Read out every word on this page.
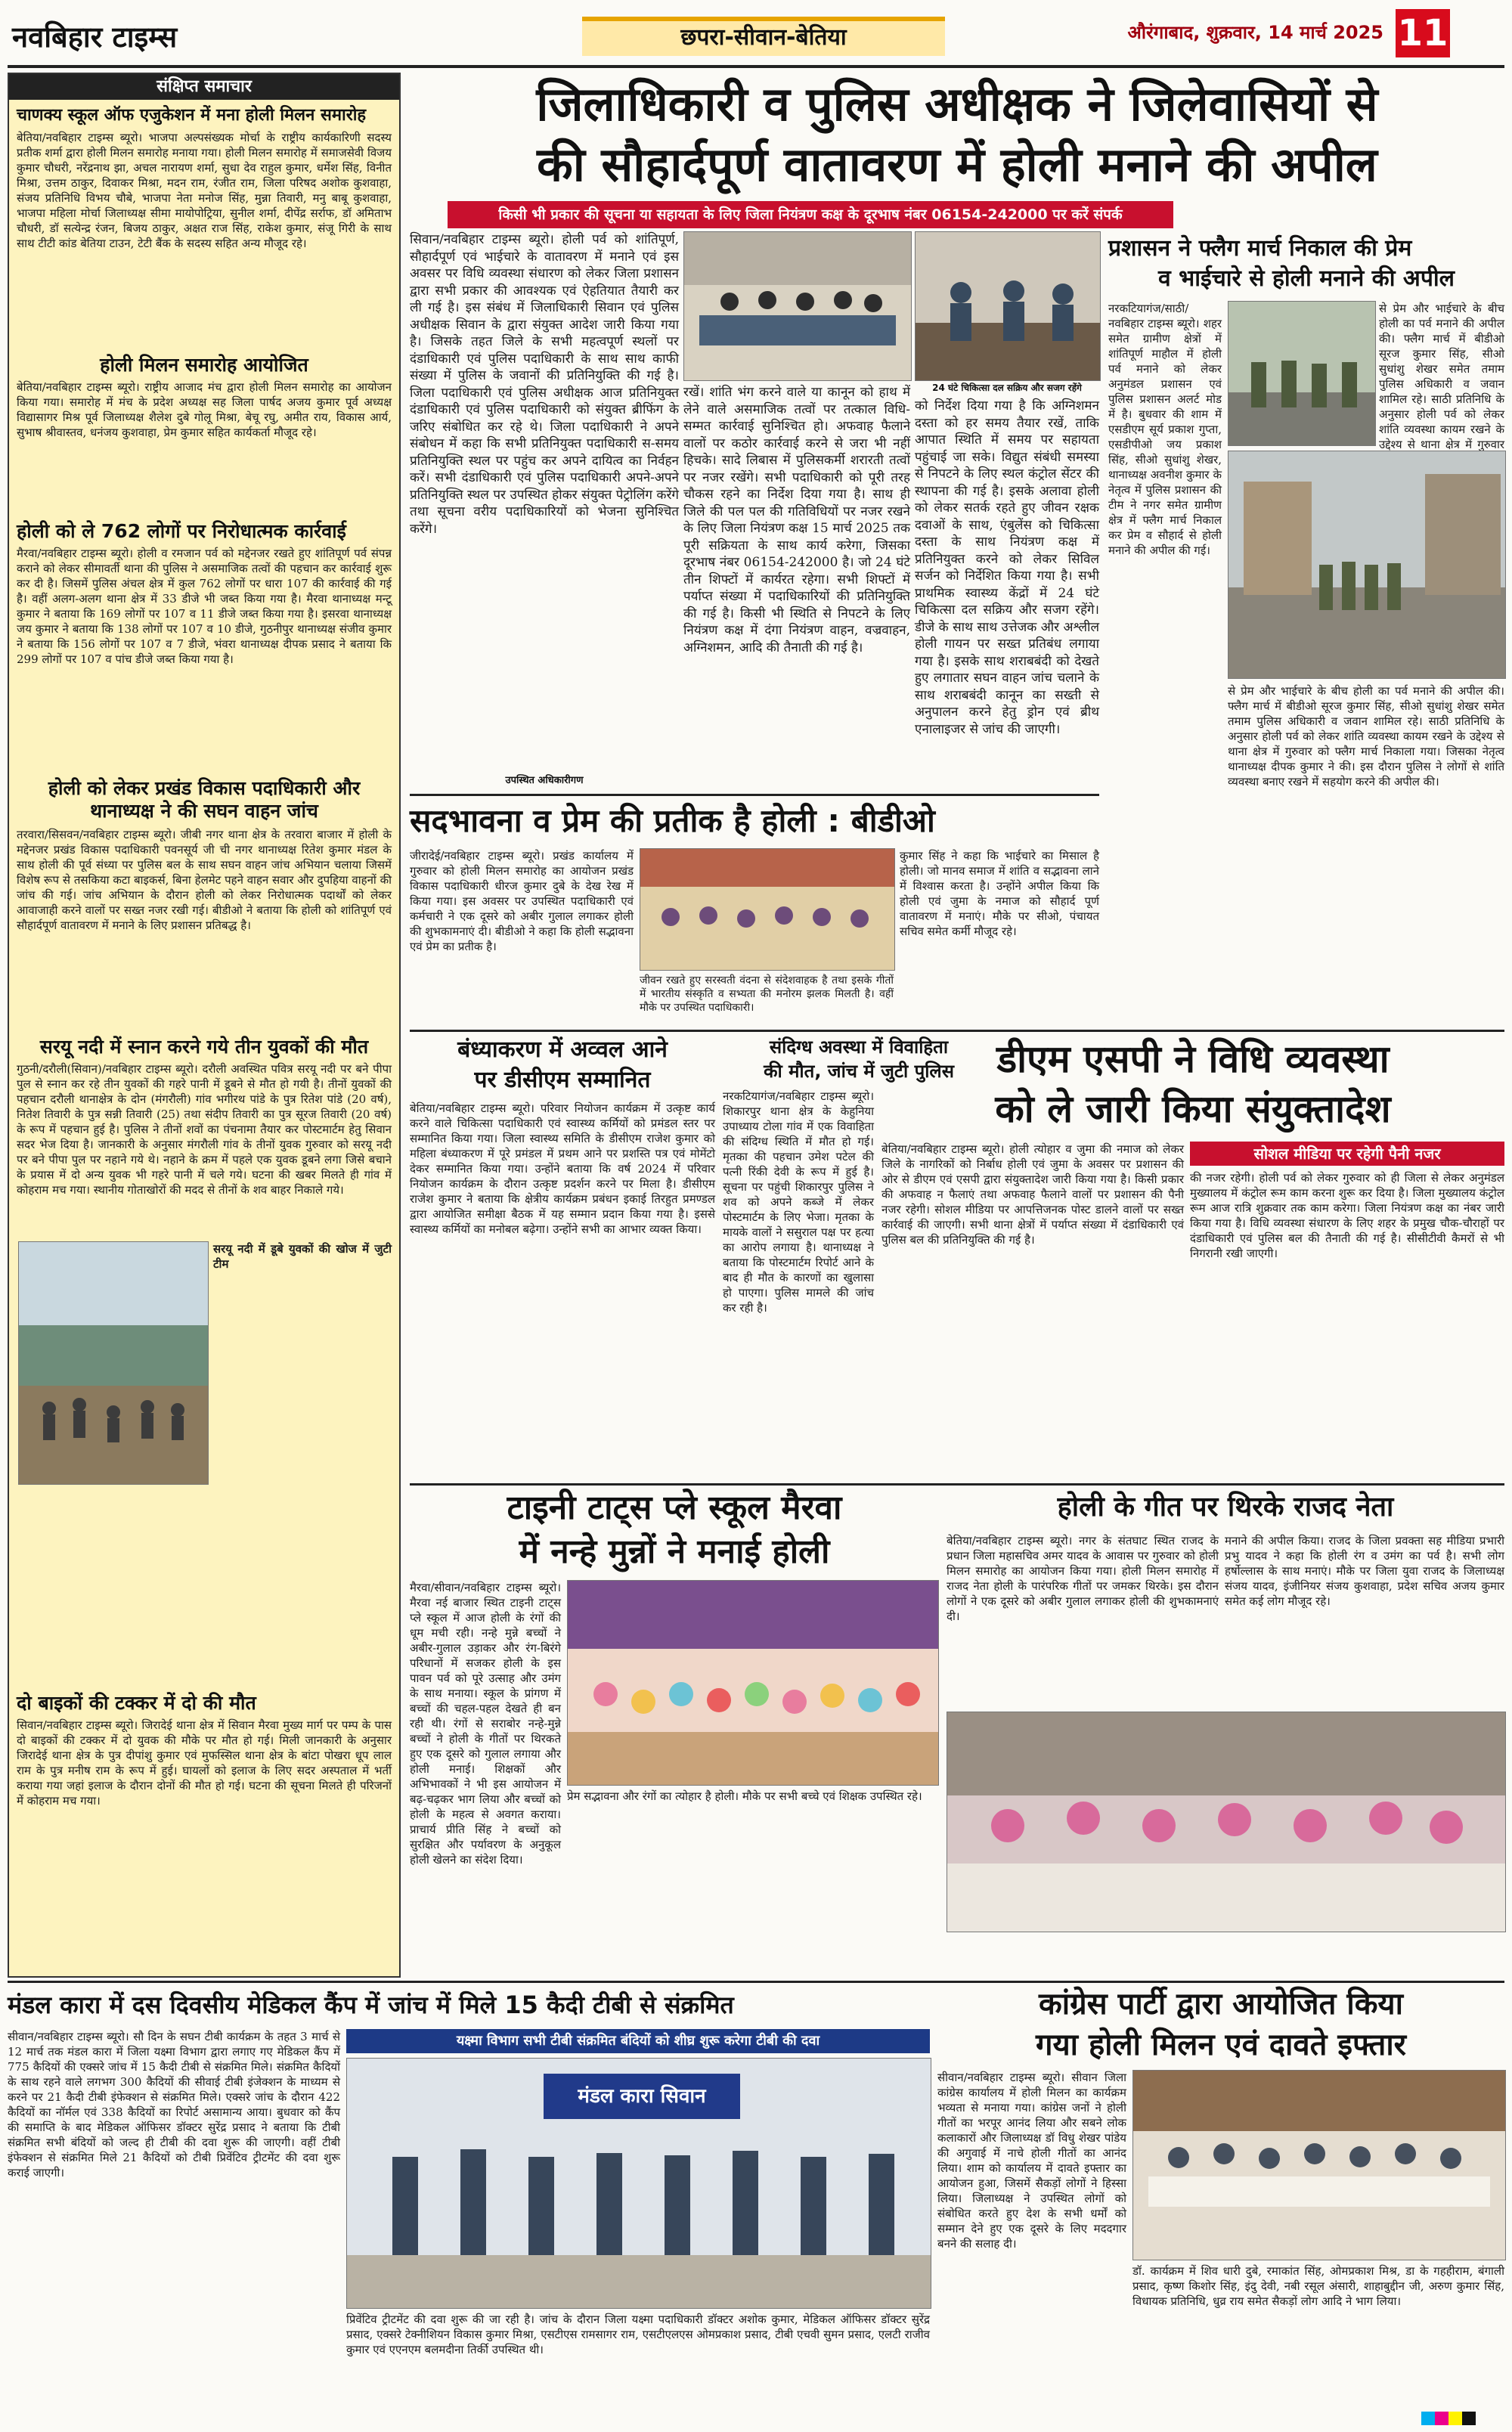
नवबिहार टाइम्स	छपरा-सीवान-बेतिया	औरंगाबाद, शुक्रवार, 14 मार्च 2025 11
संक्षिप्त समाचार
चाणक्य स्कूल ऑफ एजुकेशन में मना होली मिलन समारोह
बेतिया/नवबिहार टाइम्स ब्यूरो। भाजपा अल्पसंख्यक मोर्चा के राष्ट्रीय कार्यकारिणी सदस्य प्रतीक शर्मा द्वारा होली मिलन समारोह मनाया गया। होली मिलन समारोह में समाजसेवी विजय कुमार चौधरी, नरेंद्रनाथ झा, अचल नारायण शर्मा, सुधा देव राहुल कुमार, धर्मेश सिंह, विनीत मिश्रा, उत्तम ठाकुर, दिवाकर मिश्रा, मदन राम, रंजीत राम, जिला परिषद अशोक कुशवाहा, संजय प्रतिनिधि विभय चौबे, भाजपा नेता मनोज सिंह, मुन्ना तिवारी, मनु बाबू कुशवाहा, भाजपा महिला मोर्चा जिलाध्यक्ष सीमा मायोपोट्रिया, सुनील शर्मा, दीपेंद्र सर्राफ, डॉ अमिताभ चौधरी, डॉ सत्येन्द्र रंजन, बिजय ठाकुर, अक्षत राज सिंह, राकेश कुमार, संजू गिरी के साथ साथ टीटी कांड बेतिया टाउन, टेटी बैंक के सदस्य सहित अन्य मौजूद रहे।
होली मिलन समारोह आयोजित
बेतिया/नवबिहार टाइम्स ब्यूरो। राष्ट्रीय आजाद मंच द्वारा होली मिलन समारोह का आयोजन किया गया। समारोह में मंच के प्रदेश अध्यक्ष सह जिला पार्षद अजय कुमार पूर्व अध्यक्ष विद्यासागर मिश्र पूर्व जिलाध्यक्ष शैलेश दुबे गोलू मिश्रा, बेचू रघु, अमीत राय, विकास आर्य, सुभाष श्रीवास्तव, धनंजय कुशवाहा, प्रेम कुमार सहित कार्यकर्ता मौजूद रहे।
होली को ले 762 लोगों पर निरोधात्मक कार्रवाई
मैरवा/नवबिहार टाइम्स ब्यूरो। होली व रमजान पर्व को मद्देनजर रखते हुए शांतिपूर्ण पर्व संपन्न कराने को लेकर सीमावर्ती थाना की पुलिस ने असमाजिक तत्वों की पहचान कर कार्रवाई शुरू कर दी है। जिसमें पुलिस अंचल क्षेत्र में कुल 762 लोगों पर धारा 107 की कार्रवाई की गई है। वहीं अलग-अलग थाना क्षेत्र में 33 डीजे भी जब्त किया गया है। मैरवा थानाध्यक्ष मन्टू कुमार ने बताया कि 169 लोगों पर 107 व 11 डीजे जब्त किया गया है। इसरवा थानाध्यक्ष जय कुमार ने बताया कि 138 लोगों पर 107 व 10 डीजे, गुठनीपुर थानाध्यक्ष संजीव कुमार ने बताया कि 156 लोगों पर 107 व 7 डीजे, भंवरा थानाध्यक्ष दीपक प्रसाद ने बताया कि 299 लोगों पर 107 व पांच डीजे जब्त किया गया है।
होली को लेकर प्रखंड विकास पदाधिकारी और थानाध्यक्ष ने की सघन वाहन जांच
तरवारा/सिसवन/नवबिहार टाइम्स ब्यूरो। जीबी नगर थाना क्षेत्र के तरवारा बाजार में होली के मद्देनजर प्रखंड विकास पदाधिकारी पवनसूर्य जी ची नगर थानाध्यक्ष रितेश कुमार मंडल के साथ होली की पूर्व संध्या पर पुलिस बल के साथ सघन वाहन जांच अभियान चलाया जिसमें विशेष रूप से तसकिया कटा बाइकर्स, बिना हेलमेट पहने वाहन सवार और दुपहिया वाहनों की जांच की गई। जांच अभियान के दौरान होली को लेकर निरोधात्मक पदार्थों को लेकर आवाजाही करने वालों पर सख्त नजर रखी गई। बीडीओ ने बताया कि होली को शांतिपूर्ण एवं सौहार्दपूर्ण वातावरण में मनाने के लिए प्रशासन प्रतिबद्ध है।
सरयू नदी में स्नान करने गये तीन युवकों की मौत
गुठनी/दरौली(सिवान)/नवबिहार टाइम्स ब्यूरो। दरौली अवस्थित पवित्र सरयू नदी पर बने पीपा पुल से स्नान कर रहे तीन युवकों की गहरे पानी में डूबने से मौत हो गयी है। तीनों युवकों की पहचान दरौली थानाक्षेत्र के दोन (मंगरौली) गांव भगीरथ पांडे के पुत्र रितेश पांडे (20 वर्ष), नितेश तिवारी के पुत्र सन्नी तिवारी (25) तथा संदीप तिवारी का पुत्र सूरज तिवारी (20 वर्ष) के रूप में पहचान हुई है। पुलिस ने तीनों शवों का पंचनामा तैयार कर पोस्टमार्टम हेतु सिवान सदर भेज दिया है। जानकारी के अनुसार मंगरौली गांव के तीनों युवक गुरुवार को सरयू नदी पर बने पीपा पुल पर नहाने गये थे। नहाने के क्रम में पहले एक युवक डूबने लगा जिसे बचाने के प्रयास में दो अन्य युवक भी गहरे पानी में चले गये। घटना की खबर मिलते ही गांव में कोहराम मच गया। स्थानीय गोताखोरों की मदद से तीनों के शव बाहर निकाले गये।
सरयू नदी में डूबे युवकों की खोज में जुटी टीम
दो बाइकों की टक्कर में दो की मौत
सिवान/नवबिहार टाइम्स ब्यूरो। जिरादेई थाना क्षेत्र में सिवान मैरवा मुख्य मार्ग पर पम्प के पास दो बाइकों की टक्कर में दो युवक की मौके पर मौत हो गई। मिली जानकारी के अनुसार जिरादेई थाना क्षेत्र के पुत्र दीपांशु कुमार एवं मुफस्सिल थाना क्षेत्र के बांटा पोखरा धूप लाल राम के पुत्र मनीष राम के रूप में हुई। घायलों को इलाज के लिए सदर अस्पताल में भर्ती कराया गया जहां इलाज के दौरान दोनों की मौत हो गई। घटना की सूचना मिलते ही परिजनों में कोहराम मच गया।
जिलाधिकारी व पुलिस अधीक्षक ने जिलेवासियों से
की सौहार्दपूर्ण वातावरण में होली मनाने की अपील
किसी भी प्रकार की सूचना या सहायता के लिए जिला नियंत्रण कक्ष के दूरभाष नंबर 06154-242000 पर करें संपर्क
24 घंटे चिकित्सा दल सक्रिय और सजग रहेंगे
सिवान/नवबिहार टाइम्स ब्यूरो। होली पर्व को शांतिपूर्ण, सौहार्दपूर्ण एवं भाईचारे के वातावरण में मनाने एवं इस अवसर पर विधि व्यवस्था संधारण को लेकर जिला प्रशासन द्वारा सभी प्रकार की आवश्यक एवं ऐहतियात तैयारी कर ली गई है। इस संबंध में जिलाधिकारी सिवान एवं पुलिस अधीक्षक सिवान के द्वारा संयुक्त आदेश जारी किया गया है। जिसके तहत जिले के सभी महत्वपूर्ण स्थलों पर दंडाधिकारी एवं पुलिस पदाधिकारी के साथ साथ काफी संख्या में पुलिस के जवानों की प्रतिनियुक्ति की गई है। जिला पदाधिकारी एवं पुलिस अधीक्षक आज प्रतिनियुक्त दंडाधिकारी एवं पुलिस पदाधिकारी को संयुक्त ब्रीफिंग के जरिए संबोधित कर रहे थे। जिला पदाधिकारी ने अपने संबोधन में कहा कि सभी प्रतिनियुक्त पदाधिकारी स-समय प्रतिनियुक्ति स्थल पर पहुंच कर अपने दायित्व का निर्वहन करें। सभी दंडाधिकारी एवं पुलिस पदाधिकारी अपने-अपने प्रतिनियुक्ति स्थल पर उपस्थित होकर संयुक्त पेट्रोलिंग करेंगे तथा सूचना वरीय पदाधिकारियों को भेजना सुनिश्चित करेंगे।
रखें। शांति भंग करने वाले या कानून को हाथ में लेने वाले असमाजिक तत्वों पर तत्काल विधि-सम्मत कार्रवाई सुनिश्चित हो। अफवाह फैलाने वालों पर कठोर कार्रवाई करने से जरा भी नहीं हिचके। सादे लिबास में पुलिसकर्मी शरारती तत्वों पर नजर रखेंगे। सभी पदाधिकारी को पूरी तरह चौकस रहने का निर्देश दिया गया है। साथ ही जिले की पल पल की गतिविधियों पर नजर रखने के लिए जिला नियंत्रण कक्ष 15 मार्च 2025 तक पूरी सक्रियता के साथ कार्य करेगा, जिसका दूरभाष नंबर 06154-242000 है। जो 24 घंटे तीन शिफ्टों में कार्यरत रहेगा। सभी शिफ्टों में पर्याप्त संख्या में पदाधिकारियों की प्रतिनियुक्ति की गई है। किसी भी स्थिति से निपटने के लिए नियंत्रण कक्ष में दंगा नियंत्रण वाहन, वज्रवाहन, अग्निशमन, आदि की तैनाती की गई है।
को निर्देश दिया गया है कि अग्निशमन दस्ता को हर समय तैयार रखें, ताकि आपात स्थिति में समय पर सहायता पहुंचाई जा सके। विद्युत संबंधी समस्या से निपटने के लिए स्थल कंट्रोल सेंटर की स्थापना की गई है। इसके अलावा होली को लेकर सतर्क रहते हुए जीवन रक्षक दवाओं के साथ, एंबुलेंस को चिकित्सा दस्ता के साथ नियंत्रण कक्ष में प्रतिनियुक्त करने को लेकर सिविल सर्जन को निर्देशित किया गया है। सभी प्राथमिक स्वास्थ्य केंद्रों में 24 घंटे चिकित्सा दल सक्रिय और सजग रहेंगे। डीजे के साथ साथ उत्तेजक और अश्लील होली गायन पर सख्त प्रतिबंध लगाया गया है। इसके साथ शराबबंदी को देखते हुए लगातार सघन वाहन जांच चलाने के साथ शराबबंदी कानून का सख्ती से अनुपालन करने हेतु ड्रोन एवं ब्रीथ एनालाइजर से जांच की जाएगी।
उपस्थित अधिकारीगण
प्रशासन ने फ्लैग मार्च निकाल की प्रेम
व भाईचारे से होली मनाने की अपील
नरकटियागंज/साठी/नवबिहार टाइम्स ब्यूरो। शहर समेत ग्रामीण क्षेत्रों में शांतिपूर्ण माहौल में होली पर्व मनाने को लेकर अनुमंडल प्रशासन एवं पुलिस प्रशासन अलर्ट मोड में है। बुधवार की शाम में एसडीएम सूर्य प्रकाश गुप्ता, एसडीपीओ जय प्रकाश सिंह, सीओ सुधांशु शेखर, थानाध्यक्ष अवनीश कुमार के नेतृत्व में पुलिस प्रशासन की टीम ने नगर समेत ग्रामीण क्षेत्र में फ्लैग मार्च निकाल कर प्रेम व सौहार्द से होली मनाने की अपील की गई।
से प्रेम और भाईचारे के बीच होली का पर्व मनाने की अपील की। फ्लैग मार्च में बीडीओ सूरज कुमार सिंह, सीओ सुधांशु शेखर समेत तमाम पुलिस अधिकारी व जवान शामिल रहे। साठी प्रतिनिधि के अनुसार होली पर्व को लेकर शांति व्यवस्था कायम रखने के उद्देश्य से थाना क्षेत्र में गुरुवार
से प्रेम और भाईचारे के बीच होली का पर्व मनाने की अपील की। फ्लैग मार्च में बीडीओ सूरज कुमार सिंह, सीओ सुधांशु शेखर समेत तमाम पुलिस अधिकारी व जवान शामिल रहे। साठी प्रतिनिधि के अनुसार होली पर्व को लेकर शांति व्यवस्था कायम रखने के उद्देश्य से थाना क्षेत्र में गुरुवार को फ्लैग मार्च निकाला गया। जिसका नेतृत्व थानाध्यक्ष दीपक कुमार ने की। इस दौरान पुलिस ने लोगों से शांति व्यवस्था बनाए रखने में सहयोग करने की अपील की।
सदभावना व प्रेम की प्रतीक है होली : बीडीओ
जीरादेई/नवबिहार टाइम्स ब्यूरो। प्रखंड कार्यालय में गुरुवार को होली मिलन समारोह का आयोजन प्रखंड विकास पदाधिकारी धीरज कुमार दुबे के देख रेख में किया गया। इस अवसर पर उपस्थित पदाधिकारी एवं कर्मचारी ने एक दूसरे को अबीर गुलाल लगाकर होली की शुभकामनाएं दी। बीडीओ ने कहा कि होली सद्भावना एवं प्रेम का प्रतीक है।
जीवन रखते हुए सरस्वती वंदना से संदेशवाहक है तथा इसके गीतों में भारतीय संस्कृति व सभ्यता की मनोरम झलक मिलती है। वहीं मौके पर उपस्थित पदाधिकारी।
कुमार सिंह ने कहा कि भाईचारे का मिसाल है होली। जो मानव समाज में शांति व सद्भावना लाने में विश्वास करता है। उन्होंने अपील किया कि होली एवं जुमा के नमाज को सौहार्द पूर्ण वातावरण में मनाएं। मौके पर सीओ, पंचायत सचिव समेत कर्मी मौजूद रहे।
बंध्याकरण में अव्वल आने
पर डीसीएम सम्मानित
बेतिया/नवबिहार टाइम्स ब्यूरो। परिवार नियोजन कार्यक्रम में उत्कृष्ट कार्य करने वाले चिकित्सा पदाधिकारी एवं स्वास्थ्य कर्मियों को प्रमंडल स्तर पर सम्मानित किया गया। जिला स्वास्थ्य समिति के डीसीएम राजेश कुमार को महिला बंध्याकरण में पूरे प्रमंडल में प्रथम आने पर प्रशस्ति पत्र एवं मोमेंटो देकर सम्मानित किया गया। उन्होंने बताया कि वर्ष 2024 में परिवार नियोजन कार्यक्रम के दौरान उत्कृष्ट प्रदर्शन करने पर मिला है। डीसीएम राजेश कुमार ने बताया कि क्षेत्रीय कार्यक्रम प्रबंधन इकाई तिरहुत प्रमण्डल द्वारा आयोजित समीक्षा बैठक में यह सम्मान प्रदान किया गया है। इससे स्वास्थ्य कर्मियों का मनोबल बढ़ेगा। उन्होंने सभी का आभार व्यक्त किया।
संदिग्ध अवस्था में विवाहिता
की मौत, जांच में जुटी पुलिस
नरकटियागंज/नवबिहार टाइम्स ब्यूरो। शिकारपुर थाना क्षेत्र के केहुनिया उपाध्याय टोला गांव में एक विवाहिता की संदिग्ध स्थिति में मौत हो गई। मृतका की पहचान उमेश पटेल की पत्नी रिंकी देवी के रूप में हुई है। सूचना पर पहुंची शिकारपुर पुलिस ने शव को अपने कब्जे में लेकर पोस्टमार्टम के लिए भेजा। मृतका के मायके वालों ने ससुराल पक्ष पर हत्या का आरोप लगाया है। थानाध्यक्ष ने बताया कि पोस्टमार्टम रिपोर्ट आने के बाद ही मौत के कारणों का खुलासा हो पाएगा। पुलिस मामले की जांच कर रही है।
डीएम एसपी ने विधि व्यवस्था
को ले जारी किया संयुक्तादेश
बेतिया/नवबिहार टाइम्स ब्यूरो। होली त्योहार व जुमा की नमाज को लेकर जिले के नागरिकों को निर्बाध होली एवं जुमा के अवसर पर प्रशासन की ओर से डीएम एवं एसपी द्वारा संयुक्तादेश जारी किया गया है। किसी प्रकार की अफवाह न फैलाएं तथा अफवाह फैलाने वालों पर प्रशासन की पैनी नजर रहेगी। सोशल मीडिया पर आपत्तिजनक पोस्ट डालने वालों पर सख्त कार्रवाई की जाएगी। सभी थाना क्षेत्रों में पर्याप्त संख्या में दंडाधिकारी एवं पुलिस बल की प्रतिनियुक्ति की गई है।
सोशल मीडिया पर रहेगी पैनी नजर
की नजर रहेगी। होली पर्व को लेकर गुरुवार को ही जिला से लेकर अनुमंडल मुख्यालय में कंट्रोल रूम काम करना शुरू कर दिया है। जिला मुख्यालय कंट्रोल रूम आज रात्रि शुक्रवार तक काम करेगा। जिला नियंत्रण कक्ष का नंबर जारी किया गया है। विधि व्यवस्था संधारण के लिए शहर के प्रमुख चौक-चौराहों पर दंडाधिकारी एवं पुलिस बल की तैनाती की गई है। सीसीटीवी कैमरों से भी निगरानी रखी जाएगी।
टाइनी टाट्स प्ले स्कूल मैरवा
में नन्हे मुन्नों ने मनाई होली
मैरवा/सीवान/नवबिहार टाइम्स ब्यूरो। मैरवा नई बाजार स्थित टाइनी टाट्स प्ले स्कूल में आज होली के रंगों की धूम मची रही। नन्हे मुन्ने बच्चों ने अबीर-गुलाल उड़ाकर और रंग-बिरंगे परिधानों में सजकर होली के इस पावन पर्व को पूरे उत्साह और उमंग के साथ मनाया। स्कूल के प्रांगण में बच्चों की चहल-पहल देखते ही बन रही थी। रंगों से सराबोर नन्हे-मुन्ने बच्चों ने होली के गीतों पर थिरकते हुए एक दूसरे को गुलाल लगाया और होली मनाई। शिक्षकों और अभिभावकों ने भी इस आयोजन में बढ़-चढ़कर भाग लिया और बच्चों को होली के महत्व से अवगत कराया। प्राचार्य प्रीति सिंह ने बच्चों को सुरक्षित और पर्यावरण के अनुकूल होली खेलने का संदेश दिया।
प्रेम सद्भावना और रंगों का त्योहार है होली। मौके पर सभी बच्चे एवं शिक्षक उपस्थित रहे।
होली के गीत पर थिरके राजद नेता
बेतिया/नवबिहार टाइम्स ब्यूरो। नगर के संतघाट स्थित राजद के प्रधान जिला महासचिव अमर यादव के आवास पर गुरुवार को होली मिलन समारोह का आयोजन किया गया। होली मिलन समारोह में राजद नेता होली के पारंपरिक गीतों पर जमकर थिरके। इस दौरान लोगों ने एक दूसरे को अबीर गुलाल लगाकर होली की शुभकामनाएं दी।
मनाने की अपील किया। राजद के जिला प्रवक्ता सह मीडिया प्रभारी प्रभु यादव ने कहा कि होली रंग व उमंग का पर्व है। सभी लोग हर्षोल्लास के साथ मनाएं। मौके पर जिला युवा राजद के जिलाध्यक्ष संजय यादव, इंजीनियर संजय कुशवाहा, प्रदेश सचिव अजय कुमार समेत कई लोग मौजूद रहे।
मंडल कारा में दस दिवसीय मेडिकल कैंप में जांच में मिले 15 कैदी टीबी से संक्रमित
सीवान/नवबिहार टाइम्स ब्यूरो। सौ दिन के सघन टीबी कार्यक्रम के तहत 3 मार्च से 12 मार्च तक मंडल कारा में जिला यक्ष्मा विभाग द्वारा लगाए गए मेडिकल कैंप में 775 कैदियों की एक्सरे जांच में 15 कैदी टीबी से संक्रमित मिले। संक्रमित कैदियों के साथ रहने वाले लगभग 300 कैदियों की सीवाई टीबी इंजेक्शन के माध्यम से करने पर 21 कैदी टीबी इंफेक्शन से संक्रमित मिले। एक्सरे जांच के दौरान 422 कैदियों का नॉर्मल एवं 338 कैदियों का रिपोर्ट असामान्य आया। बुधवार को कैंप की समाप्ति के बाद मेडिकल ऑफिसर डॉक्टर सुरेंद्र प्रसाद ने बताया कि टीबी संक्रमित सभी बंदियों को जल्द ही टीबी की दवा शुरू की जाएगी। वहीं टीबी इंफेक्शन से संक्रमित मिले 21 कैदियों को टीबी प्रिवेंटिव ट्रीटमेंट की दवा शुरू कराई जाएगी।
यक्ष्मा विभाग सभी टीबी संक्रमित बंदियों को शीघ्र शुरू करेगा टीबी की दवा
मंडल कारा सिवान
प्रिवेंटिव ट्रीटमेंट की दवा शुरू की जा रही है। जांच के दौरान जिला यक्ष्मा पदाधिकारी डॉक्टर अशोक कुमार, मेडिकल ऑफिसर डॉक्टर सुरेंद्र प्रसाद, एक्सरे टेक्नीशियन विकास कुमार मिश्रा, एसटीएस रामसागर राम, एसटीएलएस ओमप्रकाश प्रसाद, टीबी एचवी सुमन प्रसाद, एलटी राजीव कुमार एवं एएनएम बलमदीना तिर्की उपस्थित थी।
कांग्रेस पार्टी द्वारा आयोजित किया
गया होली मिलन एवं दावते इफ्तार
सीवान/नवबिहार टाइम्स ब्यूरो। सीवान जिला कांग्रेस कार्यालय में होली मिलन का कार्यक्रम भव्यता से मनाया गया। कांग्रेस जनों ने होली गीतों का भरपूर आनंद लिया और सबने लोक कलाकारों और जिलाध्यक्ष डॉ विधु शेखर पांडेय की अगुवाई में नाचे होली गीतों का आनंद लिया। शाम को कार्यालय में दावते इफ्तार का आयोजन हुआ, जिसमें सैकड़ों लोगों ने हिस्सा लिया। जिलाध्यक्ष ने उपस्थित लोगों को संबोधित करते हुए देश के सभी धर्मों को सम्मान देने हुए एक दूसरे के लिए मददगार बनने की सलाह दी।
डॉ. कार्यक्रम में शिव धारी दुबे, रमाकांत सिंह, ओमप्रकाश मिश्र, डा के गहहीराम, बंगाली प्रसाद, कृष्ण किशोर सिंह, इंदु देवी, नबी रसूल अंसारी, शाहाबुद्दीन जी, अरुण कुमार सिंह, विधायक प्रतिनिधि, धुव्र राय समेत सैकड़ों लोग आदि ने भाग लिया।
